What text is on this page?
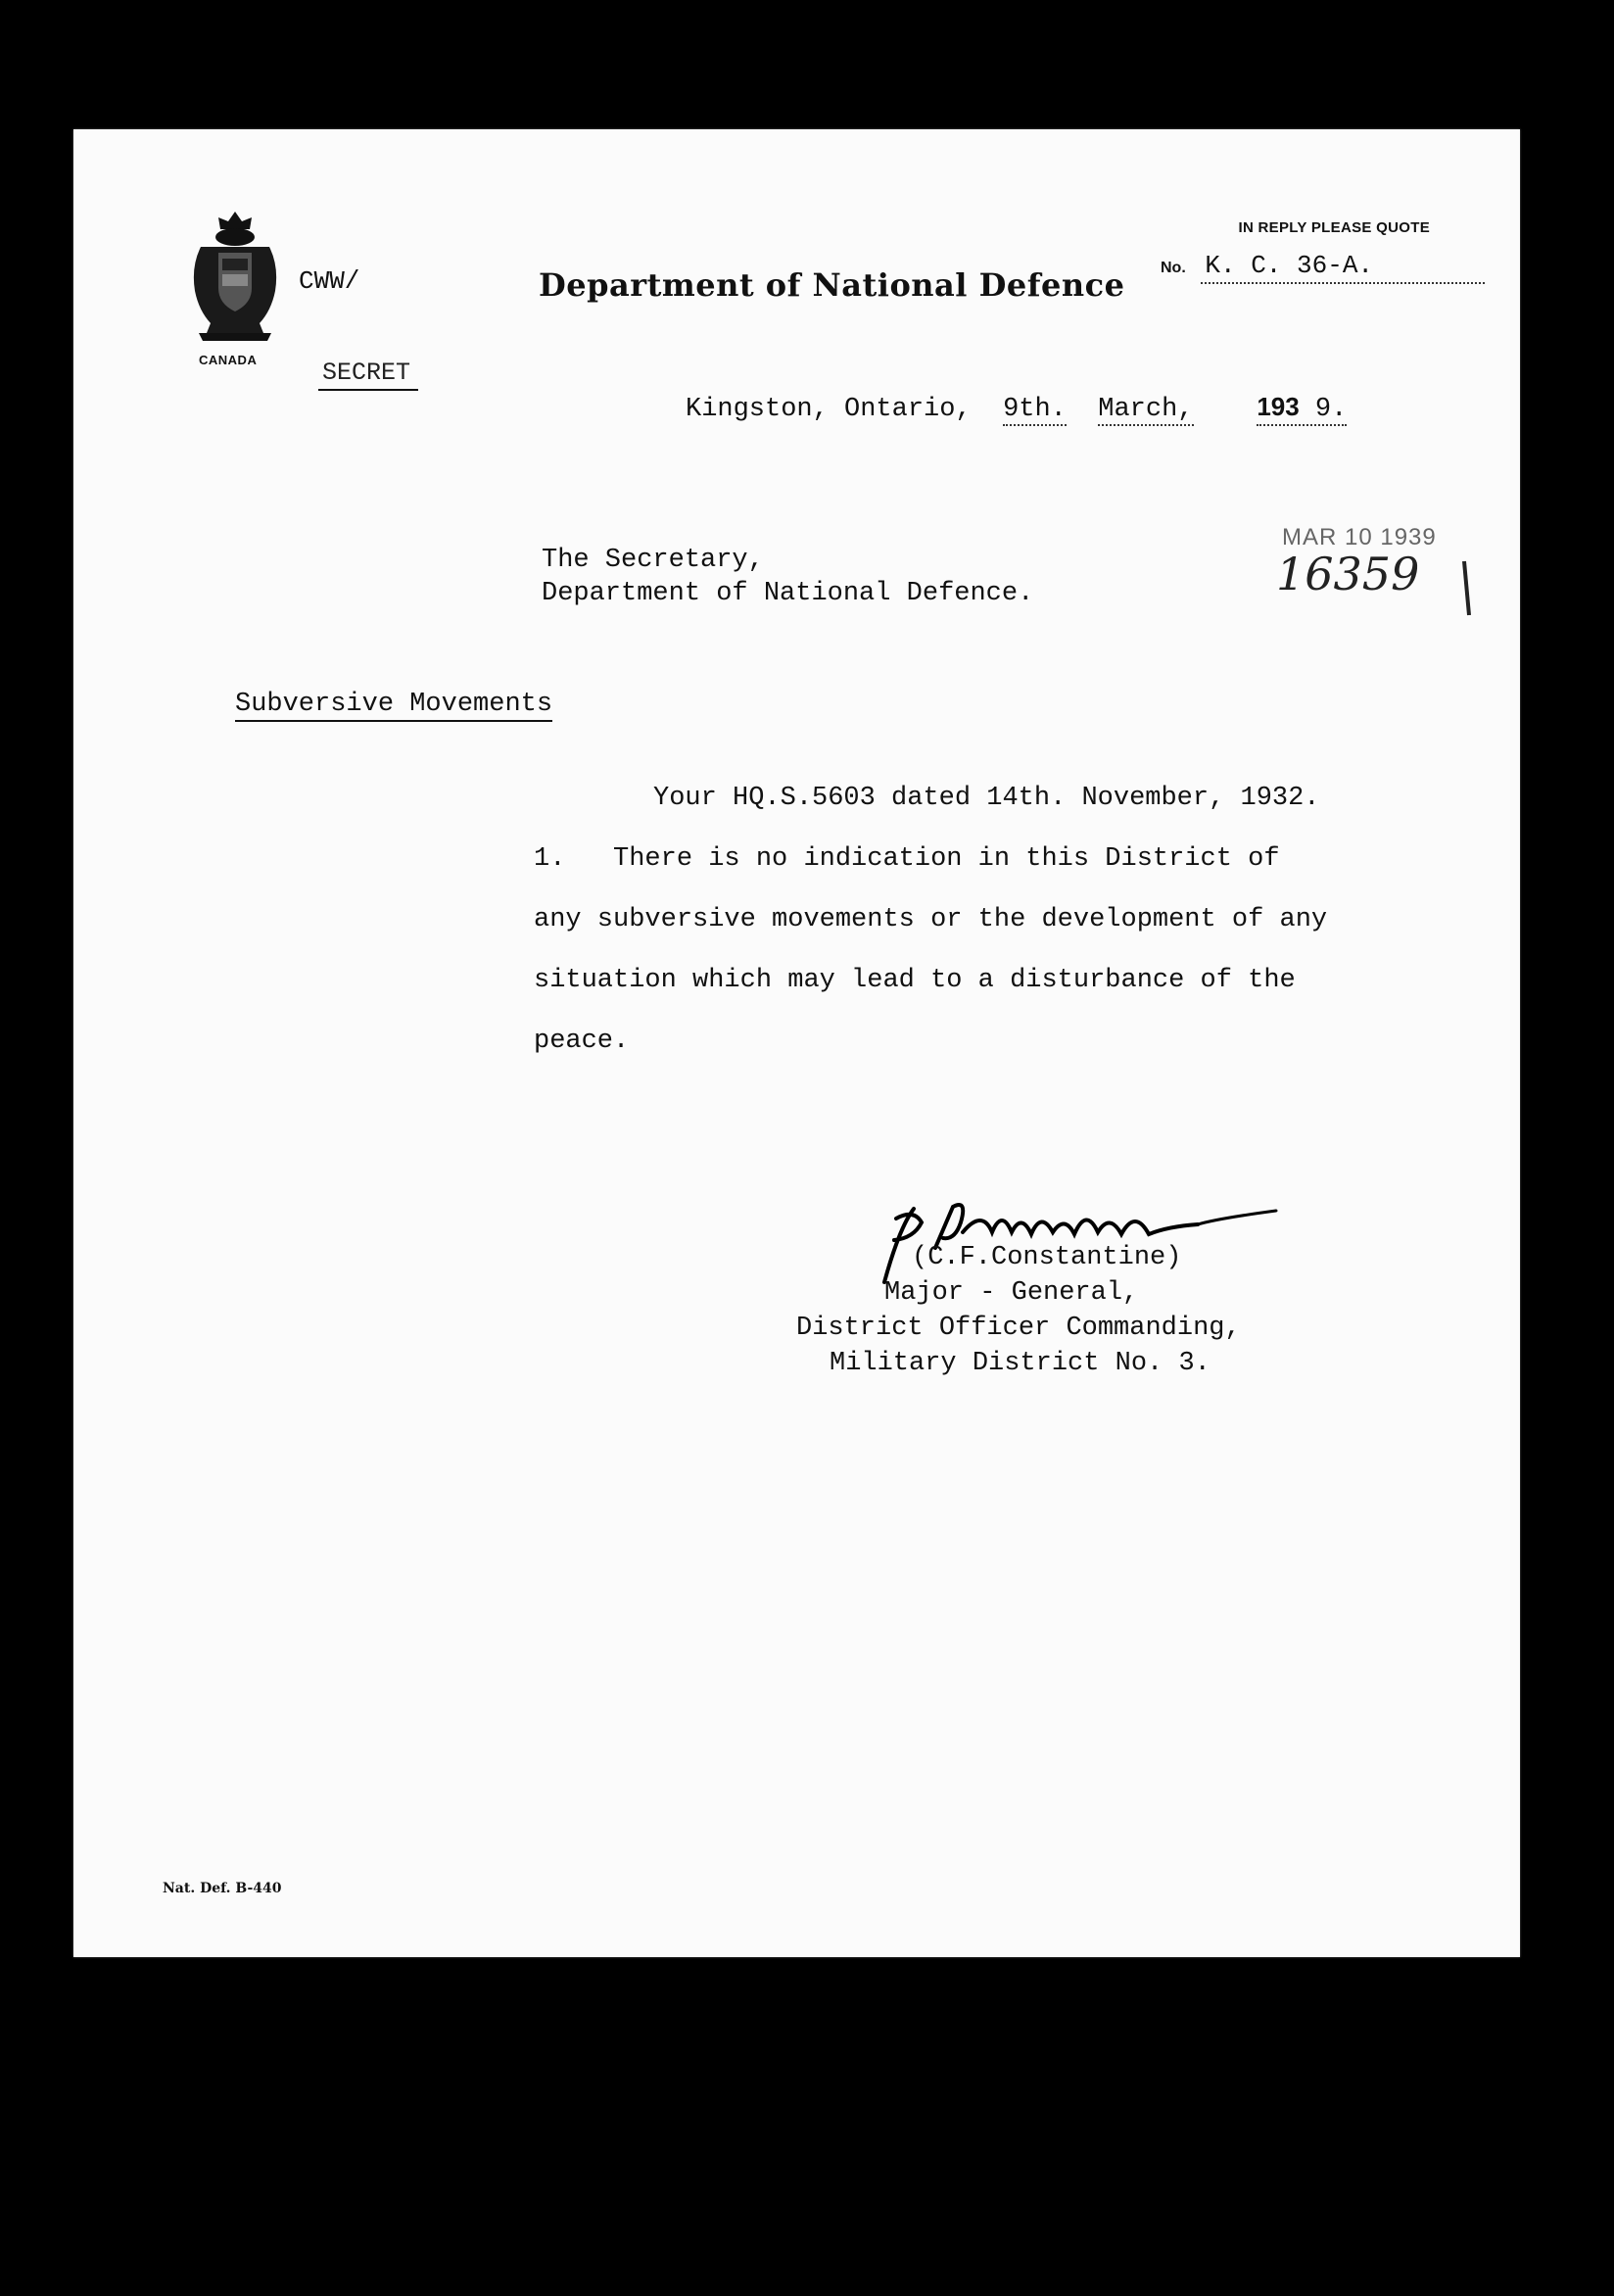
CANADA
CWW/	Department of National Defence
IN REPLY PLEASE QUOTE
No. K. C. 36-A.
SECRET
Kingston, Ontario, 9th. March, 193 9.
MAR 10 1939
16359
The Secretary,
Department of National Defence.
Subversive Movements
Your HQ.S.5603 dated 14th. November, 1932.
1.   There is no indication in this District of
any subversive movements or the development of any
situation which may lead to a disturbance of the
peace.
(C.F.Constantine)
Major - General,
District Officer Commanding,
Military District No. 3.
Nat. Def. B-440
